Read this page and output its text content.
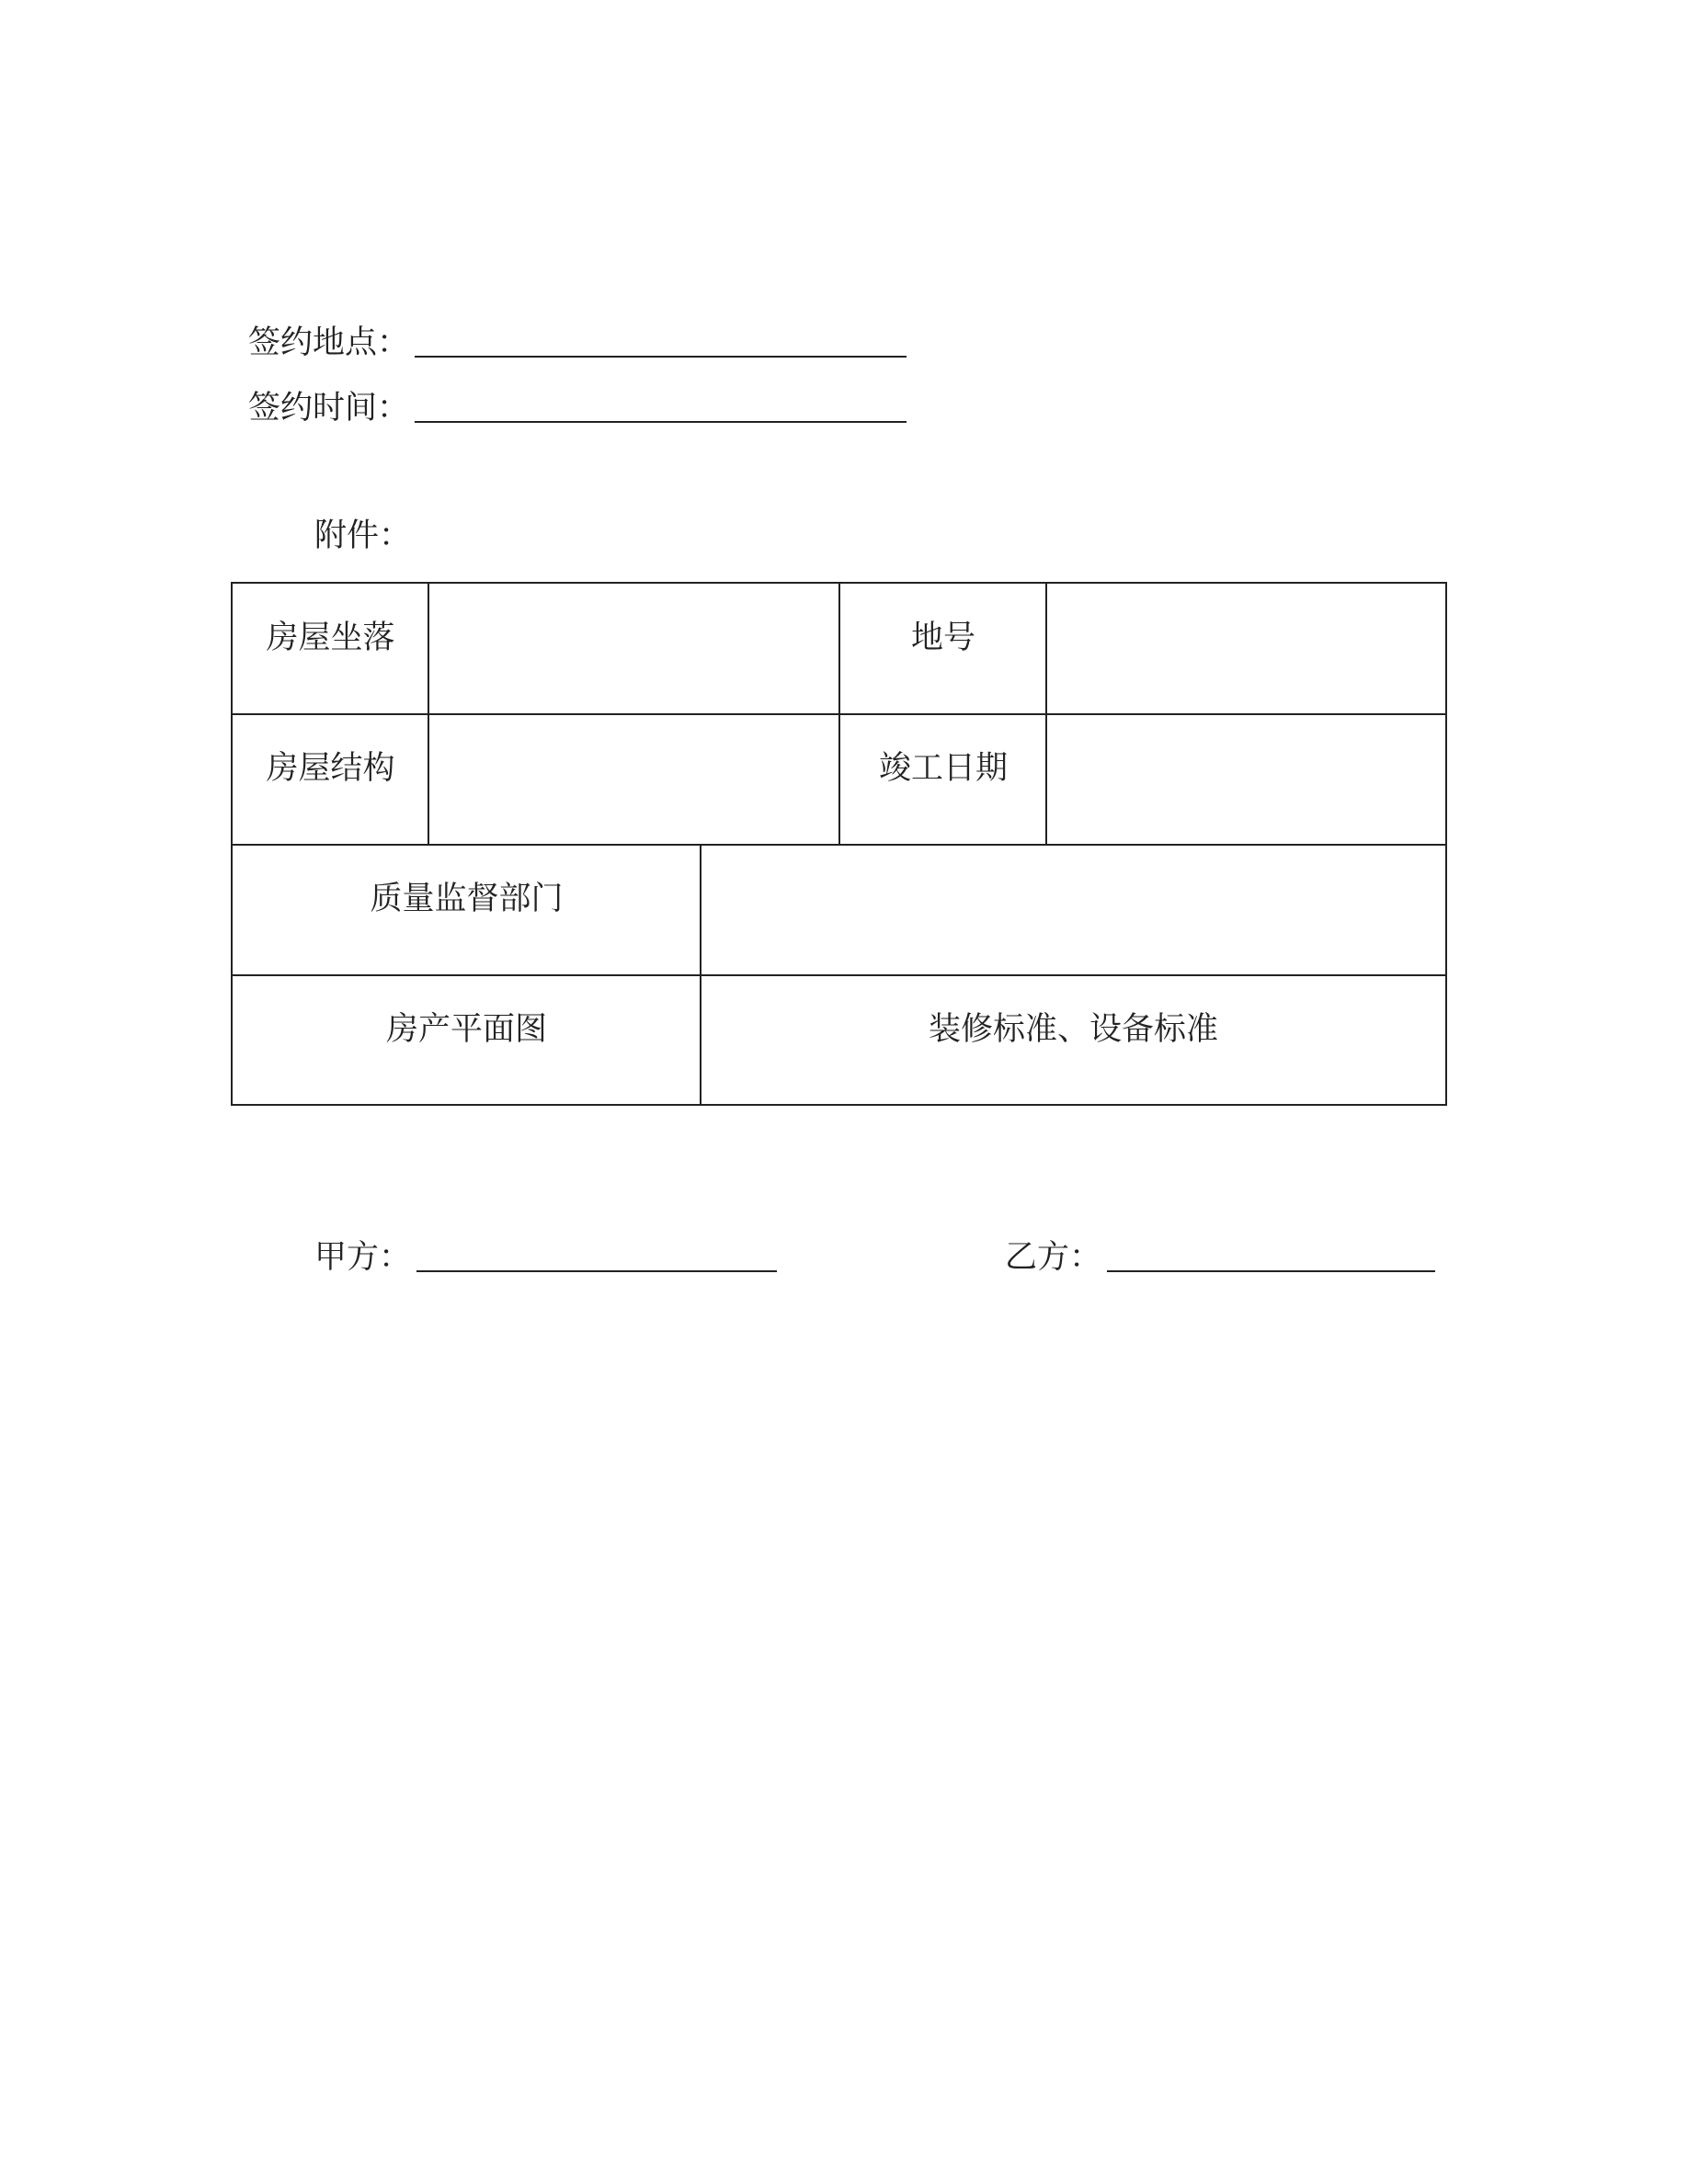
签约地点：
签约时间：
附件：
房屋坐落	地号
房屋结构	竣工日期
质量监督部门
房产平面图	装修标准、设备标准
甲方：	乙方：
